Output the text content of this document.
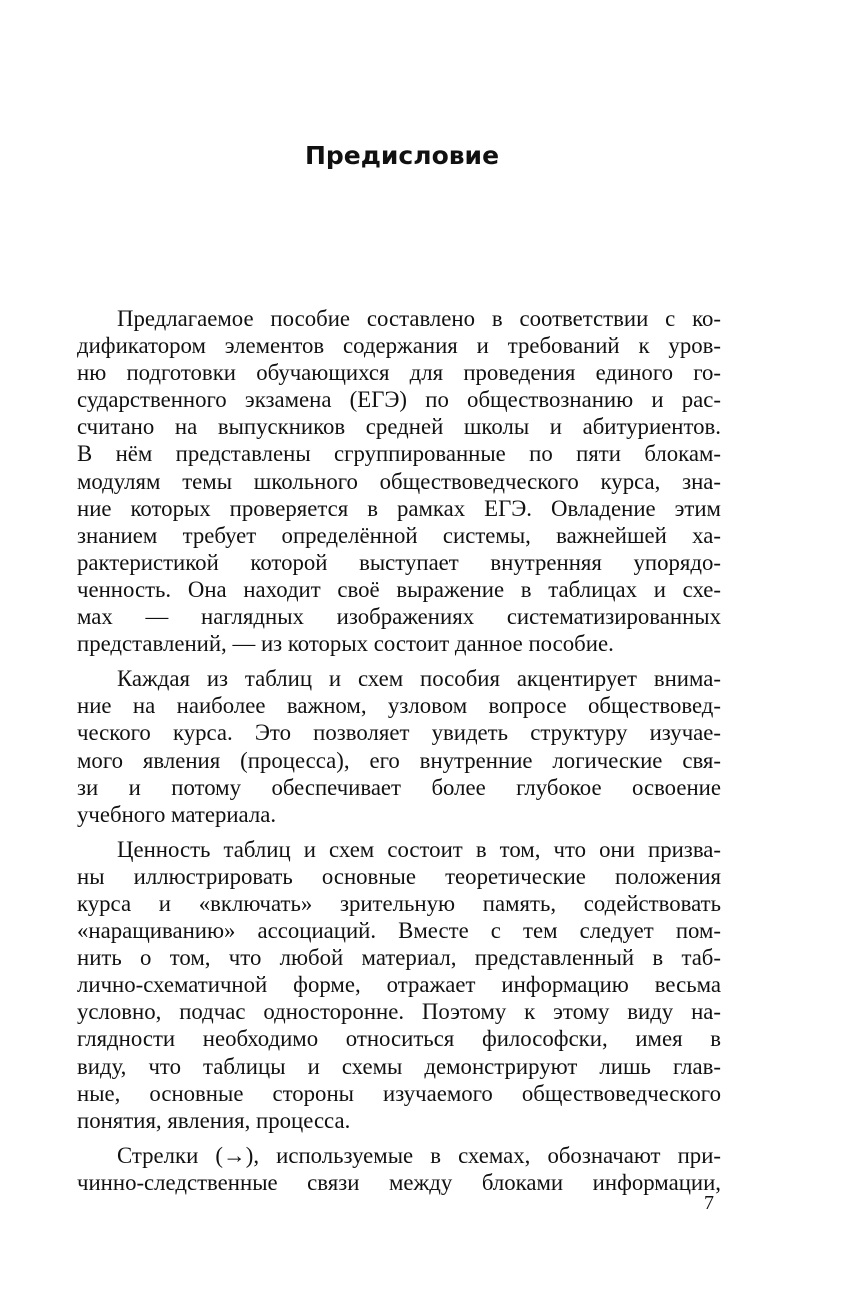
Предисловие
Предлагаемое пособие составлено в соответствии с ко-
дификатором элементов содержания и требований к уров-
ню подготовки обучающихся для проведения единого го-
сударственного экзамена (ЕГЭ) по обществознанию и рас-
считано на выпускников средней школы и абитуриентов.
В нём представлены сгруппированные по пяти блокам-
модулям темы школьного обществоведческого курса, зна-
ние которых проверяется в рамках ЕГЭ. Овладение этим
знанием требует определённой системы, важнейшей ха-
рактеристикой которой выступает внутренняя упорядо-
ченность. Она находит своё выражение в таблицах и схе-
мах — наглядных изображениях систематизированных
представлений, — из которых состоит данное пособие.
Каждая из таблиц и схем пособия акцентирует внима-
ние на наиболее важном, узловом вопросе обществовед-
ческого курса. Это позволяет увидеть структуру изучае-
мого явления (процесса), его внутренние логические свя-
зи и потому обеспечивает более глубокое освоение
учебного материала.
Ценность таблиц и схем состоит в том, что они призва-
ны иллюстрировать основные теоретические положения
курса и «включать» зрительную память, содействовать
«наращиванию» ассоциаций. Вместе с тем следует пом-
нить о том, что любой материал, представленный в таб-
лично-схематичной форме, отражает информацию весьма
условно, подчас односторонне. Поэтому к этому виду на-
глядности необходимо относиться философски, имея в
виду, что таблицы и схемы демонстрируют лишь глав-
ные, основные стороны изучаемого обществоведческого
понятия, явления, процесса.
Стрелки (→), используемые в схемах, обозначают при-
чинно-следственные связи между блоками информации,
7
